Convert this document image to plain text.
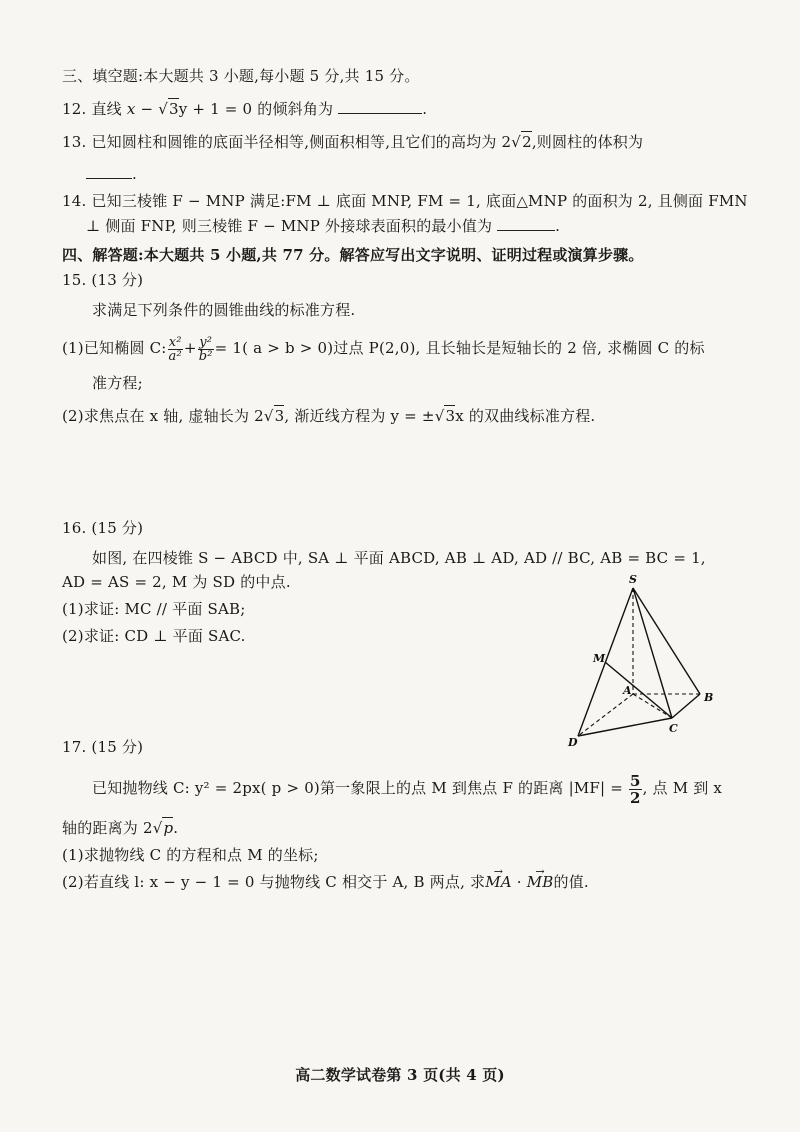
三、填空题:本大题共 3 小题,每小题 5 分,共 15 分。
12. 直线 x − √3y + 1 = 0 的倾斜角为	.
13. 已知圆柱和圆锥的底面半径相等,侧面积相等,且它们的高均为 2√2,则圆柱的体积为
.
14. 已知三棱锥 F − MNP 满足:FM ⊥ 底面 MNP, FM = 1, 底面△MNP 的面积为 2, 且侧面 FMN
⊥ 侧面 FNP, 则三棱锥 F − MNP 外接球表面积的最小值为	.
四、解答题:本大题共 5 小题,共 77 分。解答应写出文字说明、证明过程或演算步骤。
15. (13 分)
求满足下列条件的圆锥曲线的标准方程.
(1)已知椭圆 C: $\frac{\text{x²}}{\text{a²}} + \frac{\text{y²}}{\text{b²}} = 1$( a > b > 0)过点 P(2,0), 且长轴长是短轴长的 2 倍, 求椭圆 C 的标
准方程;
(2)求焦点在 x 轴, 虚轴长为 2√3, 渐近线方程为 y = ±√3x 的双曲线标准方程.
16. (15 分)
如图, 在四棱锥 S − ABCD 中, SA ⊥ 平面 ABCD, AB ⊥ AD, AD // BC, AB = BC = 1,
AD = AS = 2, M 为 SD 的中点.
(1)求证: MC // 平面 SAB;
(2)求证: CD ⊥ 平面 SAC.
S
M
A
B
C
D
17. (15 分)
已知抛物线 C: y² = 2px( p > 0)第一象限上的点 M 到焦点 F 的距离 $|MF| = \frac{5}{2}$ , 点 M 到 x
轴的距离为 2√p.
(1)求抛物线 C 的方程和点 M 的坐标;
(2)若直线 l: x − y − 1 = 0 与抛物线 C 相交于 A, B 两点, 求→ MA · → MB的值.
高二数学试卷第 3 页(共 4 页)
